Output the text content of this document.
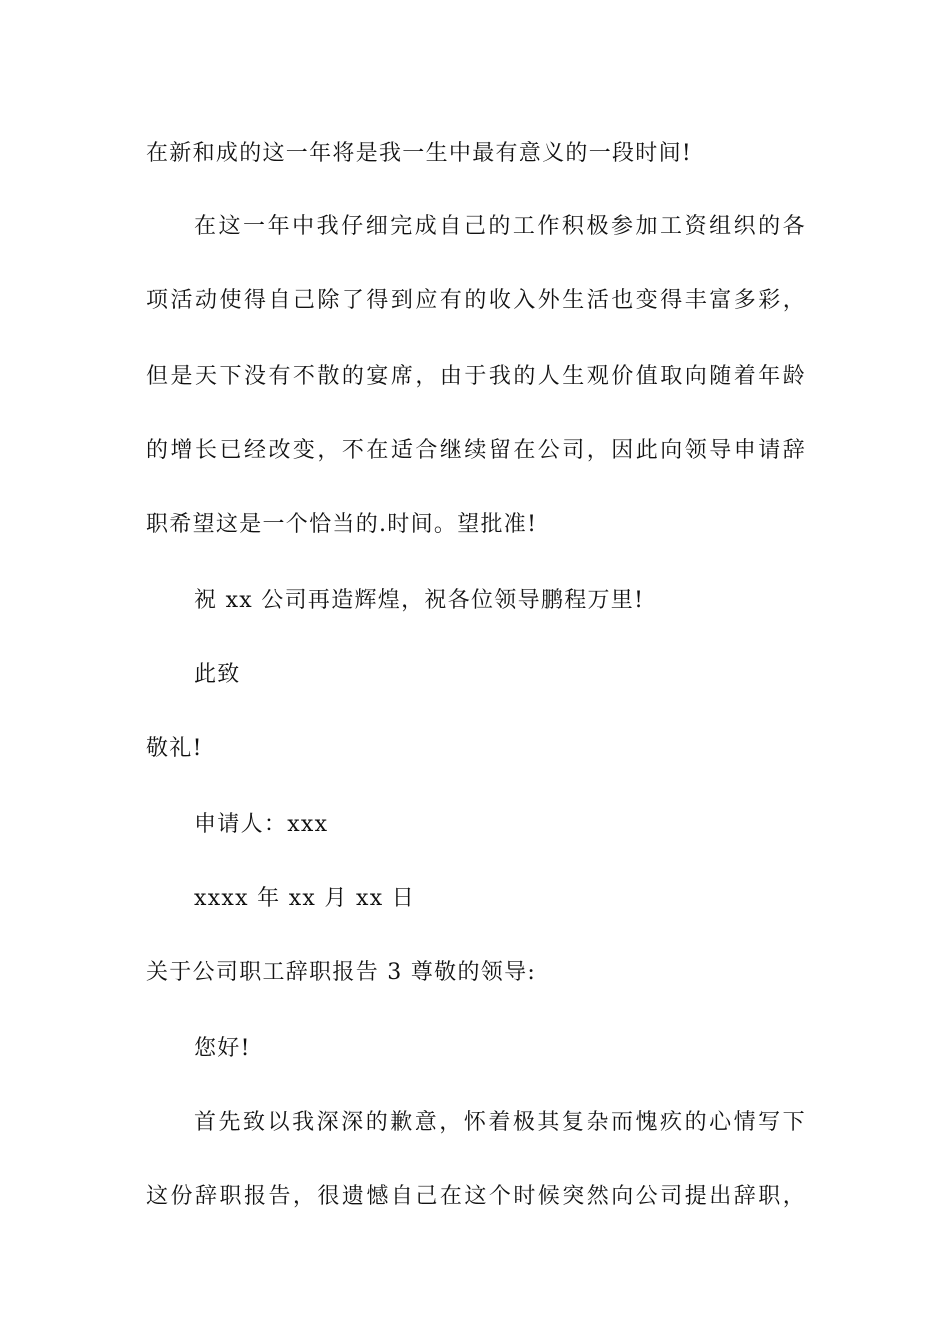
在新和成的这一年将是我一生中最有意义的一段时间!
在这一年中我仔细完成自己的工作积极参加工资组织的各
项活动使得自己除了得到应有的收入外生活也变得丰富多彩，
但是天下没有不散的宴席，由于我的人生观价值取向随着年龄
的增长已经改变，不在适合继续留在公司，因此向领导申请辞
职希望这是一个恰当的.时间。望批准!
祝 xx 公司再造辉煌，祝各位领导鹏程万里!
此致
敬礼!
申请人：xxx
xxxx 年 xx 月 xx 日
关于公司职工辞职报告 3 尊敬的领导:
您好!
首先致以我深深的歉意，怀着极其复杂而愧疚的心情写下
这份辞职报告，很遗憾自己在这个时候突然向公司提出辞职，
